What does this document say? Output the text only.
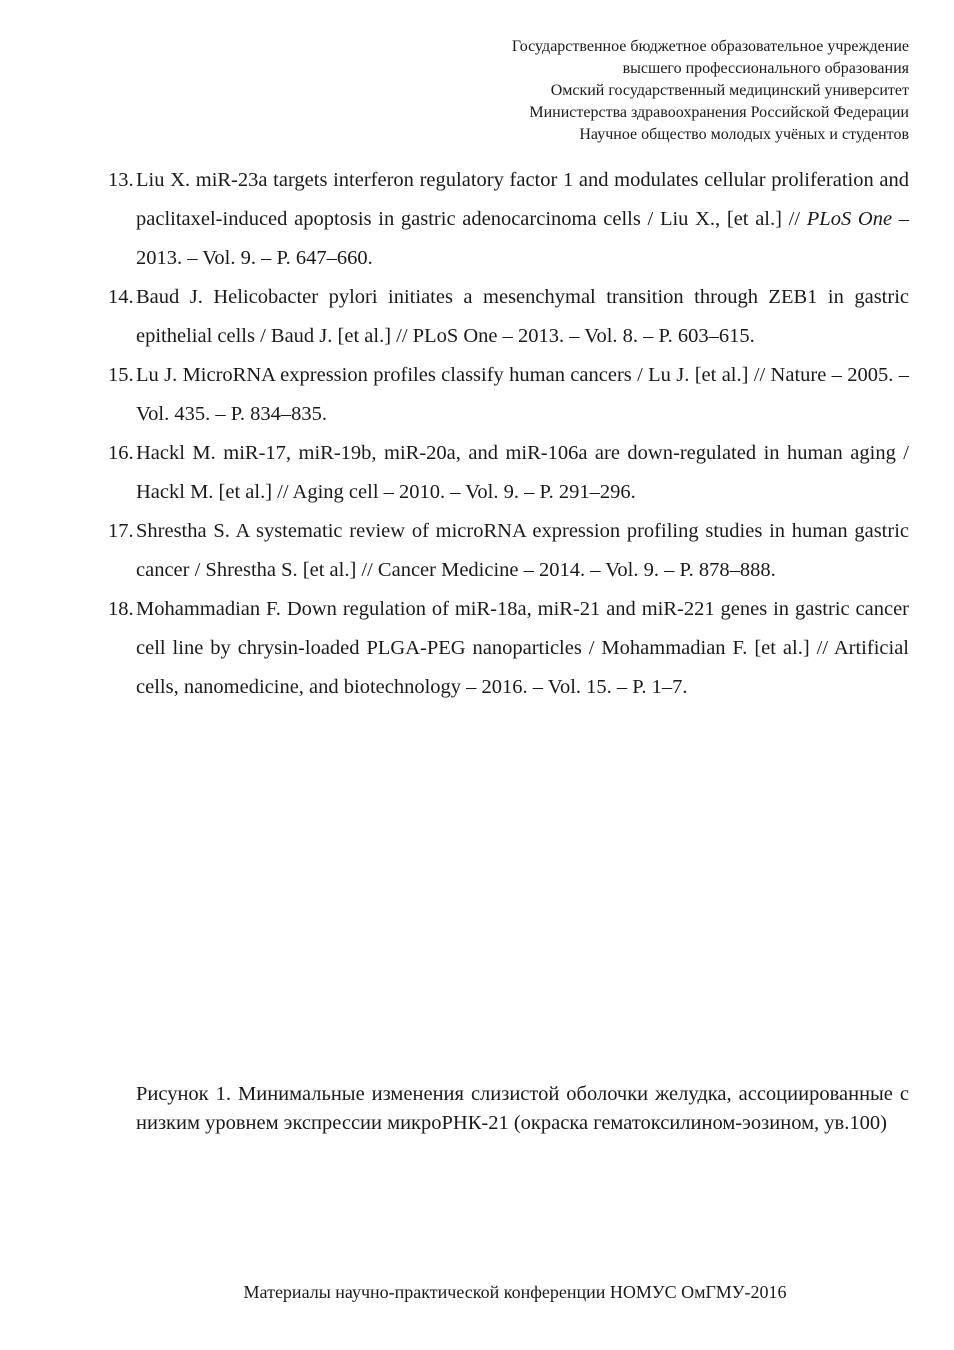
Государственное бюджетное образовательное учреждение
высшего профессионального образования
Омский государственный медицинский университет
Министерства здравоохранения Российской Федерации
Научное общество молодых учёных и студентов
13. Liu X. miR-23a targets interferon regulatory factor 1 and modulates cellular proliferation and paclitaxel-induced apoptosis in gastric adenocarcinoma cells / Liu X., [et al.] // PLoS One – 2013. – Vol. 9. – P. 647–660.
14. Baud J. Helicobacter pylori initiates a mesenchymal transition through ZEB1 in gastric epithelial cells / Baud J. [et al.] // PLoS One – 2013. – Vol. 8. – P. 603–615.
15. Lu J. MicroRNA expression profiles classify human cancers / Lu J. [et al.] // Nature – 2005. – Vol. 435. – P. 834–835.
16. Hackl M. miR-17, miR-19b, miR-20a, and miR-106a are down-regulated in human aging / Hackl M. [et al.] // Aging cell – 2010. – Vol. 9. – P. 291–296.
17. Shrestha S. A systematic review of microRNA expression profiling studies in human gastric cancer / Shrestha S. [et al.] // Cancer Medicine – 2014. – Vol. 9. – P. 878–888.
18. Mohammadian F. Down regulation of miR-18a, miR-21 and miR-221 genes in gastric cancer cell line by chrysin-loaded PLGA-PEG nanoparticles / Mohammadian F. [et al.] // Artificial cells, nanomedicine, and biotechnology – 2016. – Vol. 15. – P. 1–7.
Рисунок 1. Минимальные изменения слизистой оболочки желудка, ассоциированные с низким уровнем экспрессии микроРНК-21 (окраска гематоксилином-эозином, ув.100)
Материалы научно-практической конференции НОМУС ОмГМУ-2016
